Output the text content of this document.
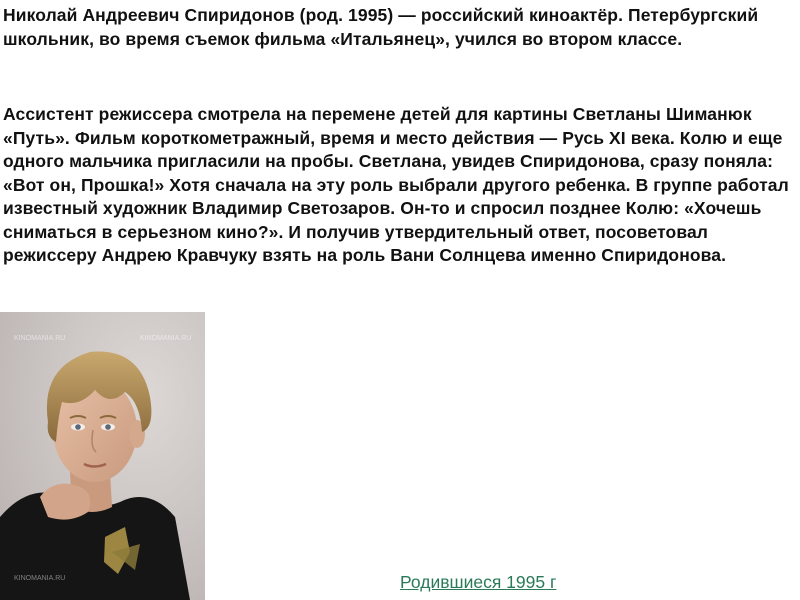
Николай Андреевич Спиридонов (род. 1995) — российский киноактёр. Петербургский школьник, во время съемок фильма «Итальянец», учился во втором классе.
Ассистент режиссера смотрела на перемене детей для картины Светланы Шиманюк «Путь». Фильм короткометражный, время и место действия — Русь XI века. Колю и еще одного мальчика пригласили на пробы. Светлана, увидев Спиридонова, сразу поняла: «Вот он, Прошка!» Хотя сначала на эту роль выбрали другого ребенка. В группе работал известный художник Владимир Светозаров. Он-то и спросил позднее Колю: «Хочешь сниматься в серьезном кино?». И получив утвердительный ответ, посоветовал режиссеру Андрею Кравчуку взять на роль Вани Солнцева именно Спиридонова.
KINOMANIA.RU	KINOMANIA.RU
KINOMANIA.RU	Родившиеся 1995 г
